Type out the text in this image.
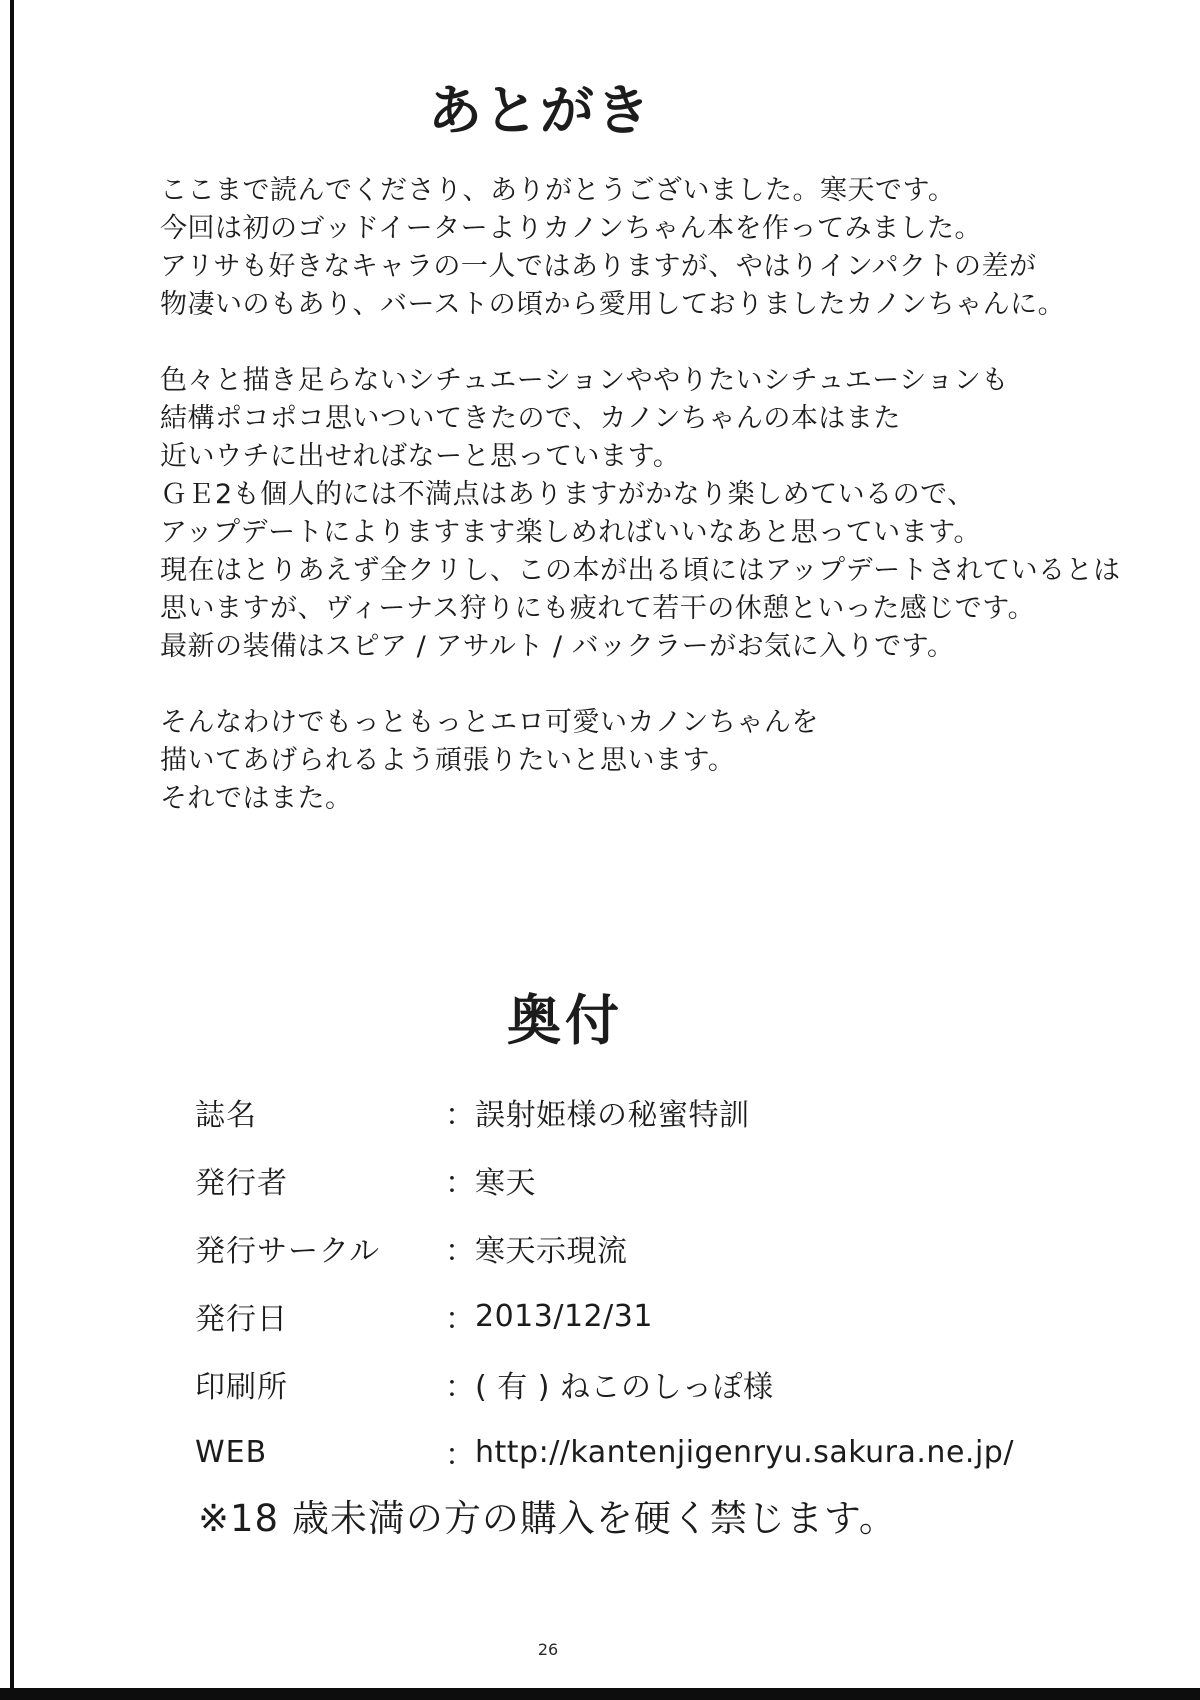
あとがき
ここまで読んでくださり、ありがとうございました。寒天です。
今回は初のゴッドイーターよりカノンちゃん本を作ってみました。
アリサも好きなキャラの一人ではありますが、やはりインパクトの差が
物凄いのもあり、バーストの頃から愛用しておりましたカノンちゃんに。
色々と描き足らないシチュエーションややりたいシチュエーションも
結構ポコポコ思いついてきたので、カノンちゃんの本はまた
近いウチに出せればなーと思っています。
ＧＥ2も個人的には不満点はありますがかなり楽しめているので、
アップデートによりますます楽しめればいいなあと思っています。
現在はとりあえず全クリし、この本が出る頃にはアップデートされているとは
思いますが、ヴィーナス狩りにも疲れて若干の休憩といった感じです。
最新の装備はスピア / アサルト / バックラーがお気に入りです。
そんなわけでもっともっとエロ可愛いカノンちゃんを
描いてあげられるよう頑張りたいと思います。
それではまた。
奥付
誌名	： 誤射姫様の秘蜜特訓
発行者	： 寒天
発行サークル	： 寒天示現流
発行日	： 2013/12/31
印刷所	： ( 有 ) ねこのしっぽ様
WEB	： http://kantenjigenryu.sakura.ne.jp/
※18 歳未満の方の購入を硬く禁じます。
26
